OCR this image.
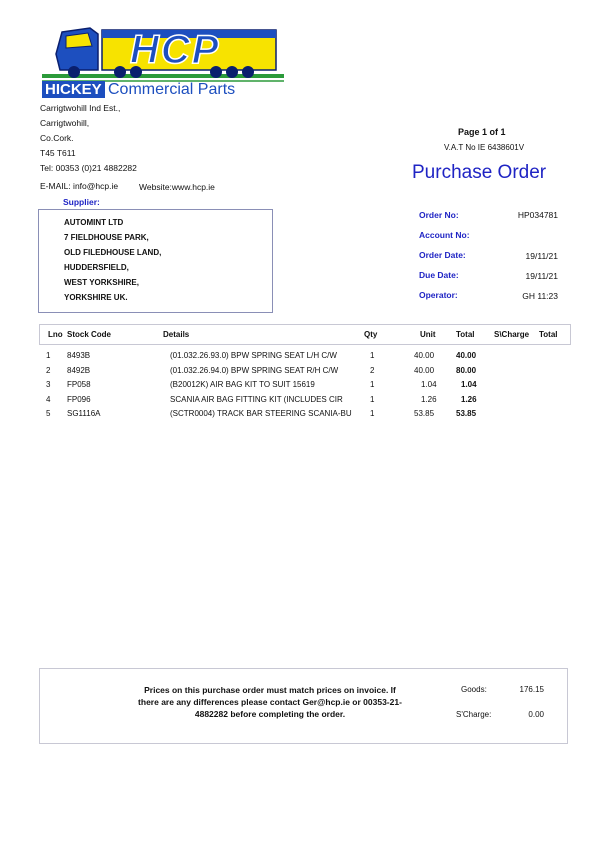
HCP
HICKEY Commercial Parts
Carrigtwohill Ind Est.,
Carrigtwohill,
Co.Cork.
T45 T611
Tel: 00353 (0)21 4882282
E-MAIL: info@hcp.ie Website:www.hcp.ie
Page 1 of 1
V.A.T No IE 6438601V
Purchase Order
Supplier:
AUTOMINT LTD
7 FIELDHOUSE PARK,
OLD FILEDHOUSE LAND,
HUDDERSFIELD,
WEST YORKSHIRE,
YORKSHIRE UK.
Order No:	HP034781
Account No:
Order Date:	19/11/21
Due Date:	19/11/21
Operator:	GH 11:23
Lno Stock Code	Details	Qty	Unit	Total S\Charge Total
1 8493B	(01.032.26.93.0) BPW SPRING SEAT L/H C/W	1	40.00	40.00
2 8492B	(01.032.26.94.0) BPW SPRING SEAT R/H C/W	2	40.00	80.00
3 FP058	(B20012K) AIR BAG KIT TO SUIT 15619	1	1.04	1.04
4 FP096	SCANIA AIR BAG FITTING KIT (INCLUDES CIR	1	1.26	1.26
5 SG1116A	(SCTR0004) TRACK BAR STEERING SCANIA-BU	1	53.85	53.85
Prices on this purchase order must match prices on invoice. If there are any differences please contact Ger@hcp.ie or 00353-21-4882282 before completing the order.
Goods:	176.15
S'Charge:	0.00
